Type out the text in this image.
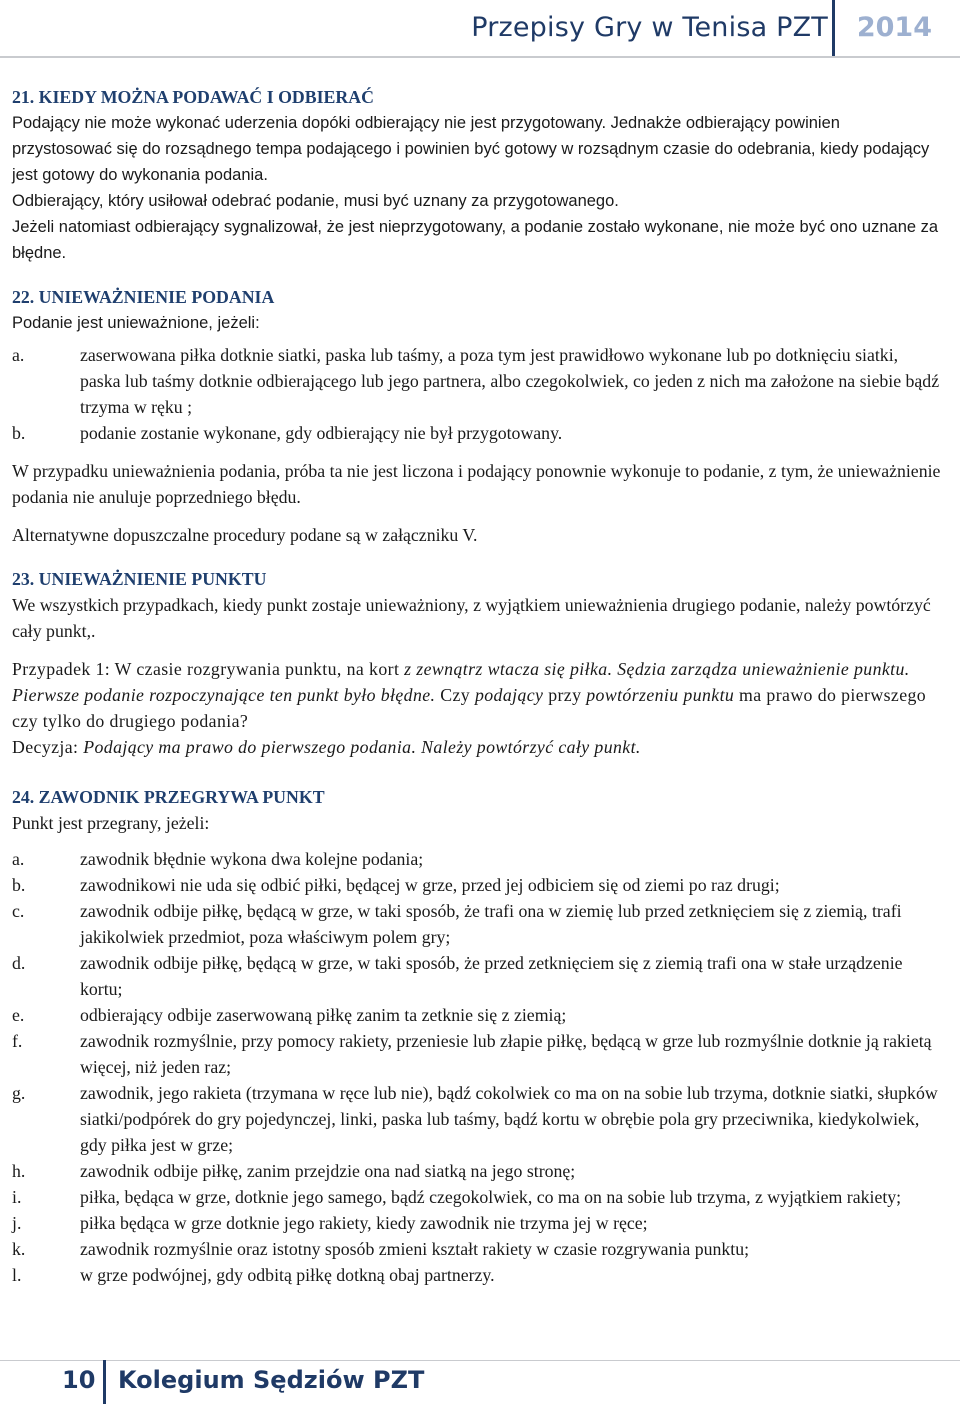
Przepisy Gry w Tenisa PZT 2014

21. KIEDY MOŻNA PODAWAĆ I ODBIERAĆ

Podający nie może wykonać uderzenia dopóki odbierający nie jest przygotowany. Jednakże odbierający powinien przystosować się do rozsądnego tempa podającego i powinien być gotowy w rozsądnym czasie do odebrania, kiedy podający jest gotowy do wykonania podania.

Odbierający, który usiłował odebrać podanie, musi być uznany za przygotowanego.

Jeżeli natomiast odbierający sygnalizował, że jest nieprzygotowany, a podanie zostało wykonane, nie może być ono uznane za błędne.

22. UNIEWAŻNIENIE PODANIA

Podanie jest unieważnione, jeżeli:

a.	zaserwowana piłka dotknie siatki, paska lub taśmy, a poza tym jest prawidłowo wykonane lub po dotknięciu siatki, paska lub taśmy dotknie odbierającego lub jego partnera, albo czegokolwiek, co jeden z nich ma założone na siebie bądź trzyma w ręku ;
b.	podanie zostanie wykonane, gdy odbierający nie był przygotowany.

W przypadku unieważnienia podania, próba ta nie jest liczona i podający ponownie wykonuje to podanie, z tym, że unieważnienie podania nie anuluje poprzedniego błędu.

Alternatywne dopuszczalne procedury podane są w załączniku V.

23. UNIEWAŻNIENIE PUNKTU

We wszystkich przypadkach, kiedy punkt zostaje unieważniony, z wyjątkiem unieważnienia drugiego podanie, należy powtórzyć cały punkt,.

Przypadek 1: W czasie rozgrywania punktu, na kort z zewnątrz wtacza się piłka. Sędzia zarządza unieważnienie punktu. Pierwsze podanie rozpoczynające ten punkt było błędne. Czy podający przy powtórzeniu punktu ma prawo do pierwszego czy tylko do drugiego podania?

Decyzja: Podający ma prawo do pierwszego podania. Należy powtórzyć cały punkt.

24. ZAWODNIK PRZEGRYWA PUNKT

Punkt jest przegrany, jeżeli:

a.	zawodnik błędnie wykona dwa kolejne podania;
b.	zawodnikowi nie uda się odbić piłki, będącej w grze, przed jej odbiciem się od ziemi po raz drugi;
c.	zawodnik odbije piłkę, będącą w grze, w taki sposób, że trafi ona w ziemię lub przed zetknięciem się z ziemią, trafi jakikolwiek przedmiot, poza właściwym polem gry;
d.	zawodnik odbije piłkę, będącą w grze, w taki sposób, że przed zetknięciem się z ziemią trafi ona w stałe urządzenie kortu;
e.	odbierający odbije zaserwowaną piłkę zanim ta zetknie się z ziemią;
f.	zawodnik rozmyślnie, przy pomocy rakiety, przeniesie lub złapie piłkę, będącą w grze lub rozmyślnie dotknie ją rakietą więcej, niż jeden raz;
g.	zawodnik, jego rakieta (trzymana w ręce lub nie), bądź cokolwiek co ma on na sobie lub trzyma, dotknie siatki, słupków siatki/podpórek do gry pojedynczej, linki, paska lub taśmy, bądź kortu w obrębie pola gry przeciwnika, kiedykolwiek, gdy piłka jest w grze;
h.	zawodnik odbije piłkę, zanim przejdzie ona nad siatką na jego stronę;
i.	piłka, będąca w grze, dotknie jego samego, bądź czegokolwiek, co ma on na sobie lub trzyma, z wyjątkiem rakiety;
j.	piłka będąca w grze dotknie jego rakiety, kiedy zawodnik nie trzyma jej w ręce;
k.	zawodnik rozmyślnie oraz istotny sposób zmieni kształt rakiety w czasie rozgrywania punktu;
l.	w grze podwójnej, gdy odbitą piłkę dotkną obaj partnerzy.
10 Kolegium Sędziów PZT
